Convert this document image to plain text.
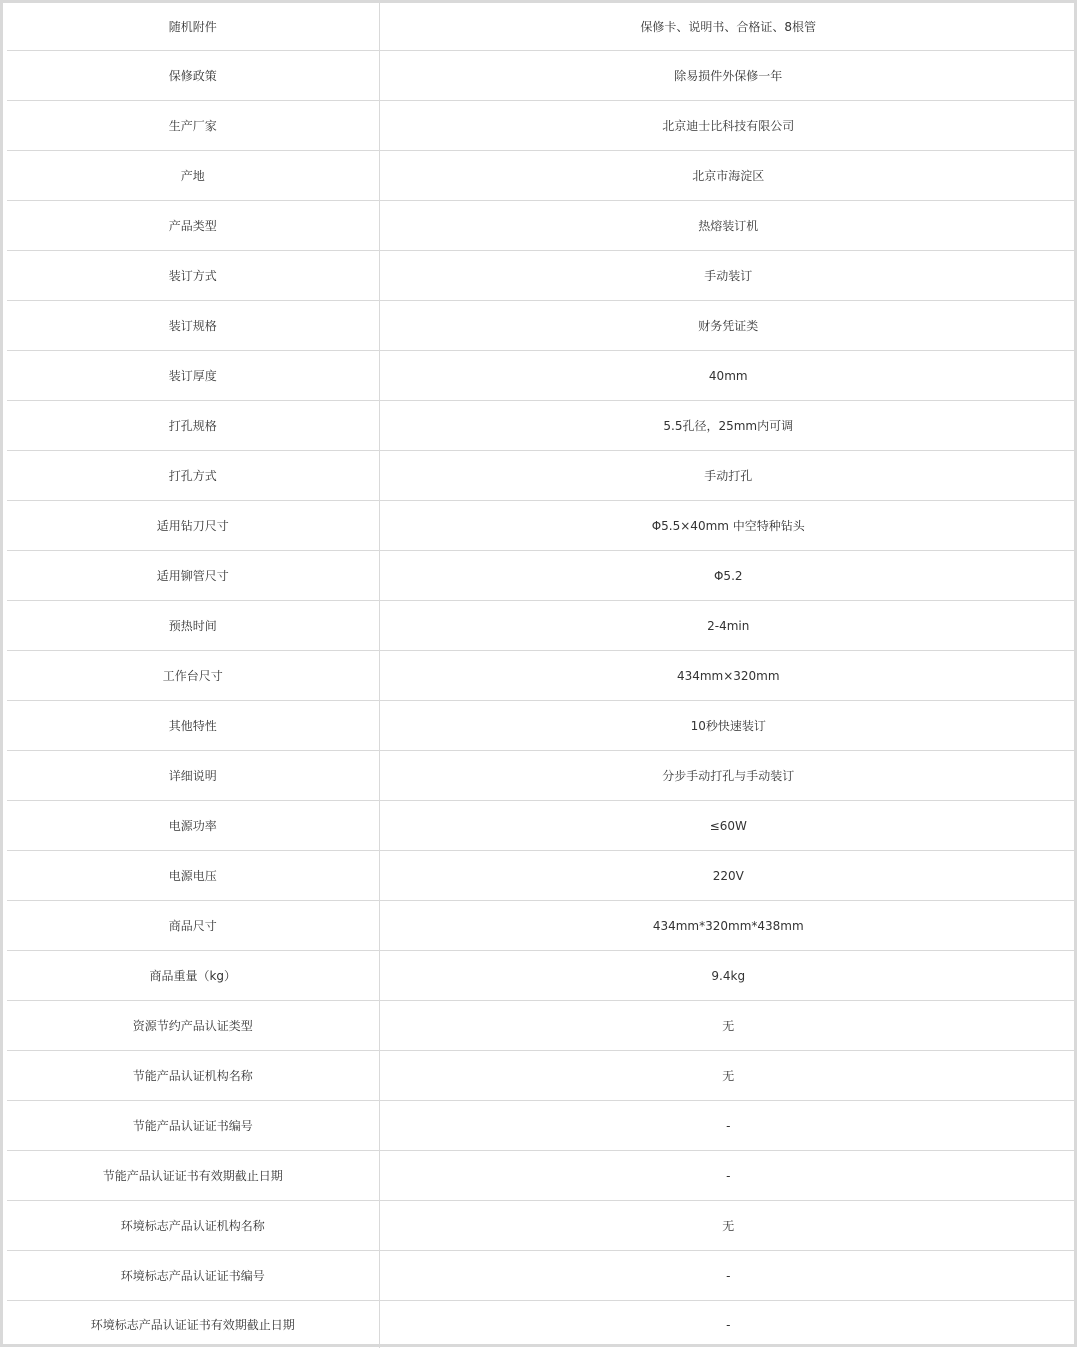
随机附件	保修卡、说明书、合格证、8根管
保修政策	除易损件外保修一年
生产厂家	北京迪士比科技有限公司
产地	北京市海淀区
产品类型	热熔装订机
装订方式	手动装订
装订规格	财务凭证类
装订厚度	40mm
打孔规格	5.5孔径，25mm内可调
打孔方式	手动打孔
适用钻刀尺寸	Φ5.5×40mm 中空特种钻头
适用铆管尺寸	Φ5.2
预热时间	2-4min
工作台尺寸	434mm×320mm
其他特性	10秒快速装订
详细说明	分步手动打孔与手动装订
电源功率	≤60W
电源电压	220V
商品尺寸	434mm*320mm*438mm
商品重量（kg）	9.4kg
资源节约产品认证类型	无
节能产品认证机构名称	无
节能产品认证证书编号	-
节能产品认证证书有效期截止日期	-
环境标志产品认证机构名称	无
环境标志产品认证证书编号	-
环境标志产品认证证书有效期截止日期	-
